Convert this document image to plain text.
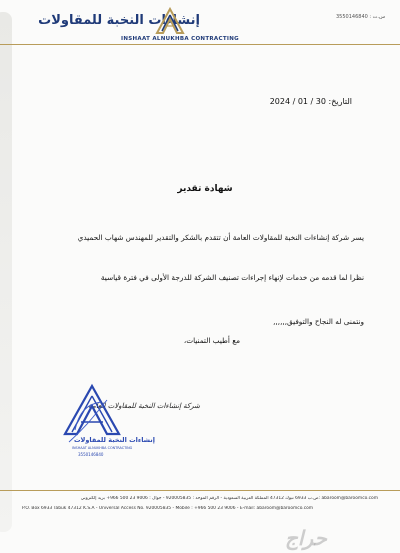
س.ت : 3550146840
إنشاءات النخبة للمقاولات
INSHAAT ALNUKHBA CONTRACTING
التاريخ: 30 / 01 / 2024
شهادة تقدير
يسر شركة إنشاءات النخبة للمقاولات العامة أن تتقدم بالشكر والتقدير للمهندس شهاب الحميدي
نظرا لما قدمه من خدمات لإنهاء إجراءات تصنيف الشركة للدرجة الأولى في فترة قياسية
ونتمنى له النجاح والتوفيق,,,,,,
مع أطيب التمنيات،
شركة إنشاءات النخبة للمقاولات العامة
إنشاءات النخبة للمقاولات
INSHAAT ALNUKHBA CONTRACTING
3550146840
abaroom@baroomco.com :ص.ب 6933 تبوك 47312 المملكة العربية السعودية - الرقم الموحد : 920005835 - جوال : 9006 23 500 966+ بريد إلكتروني
P.O. Box 6933 Tabuk 47312 K.S.A - Universal Access No. 920005835 - Mobile : +966 500 23 9006 - E-mail: abaroom@baroomco.com
حراج
